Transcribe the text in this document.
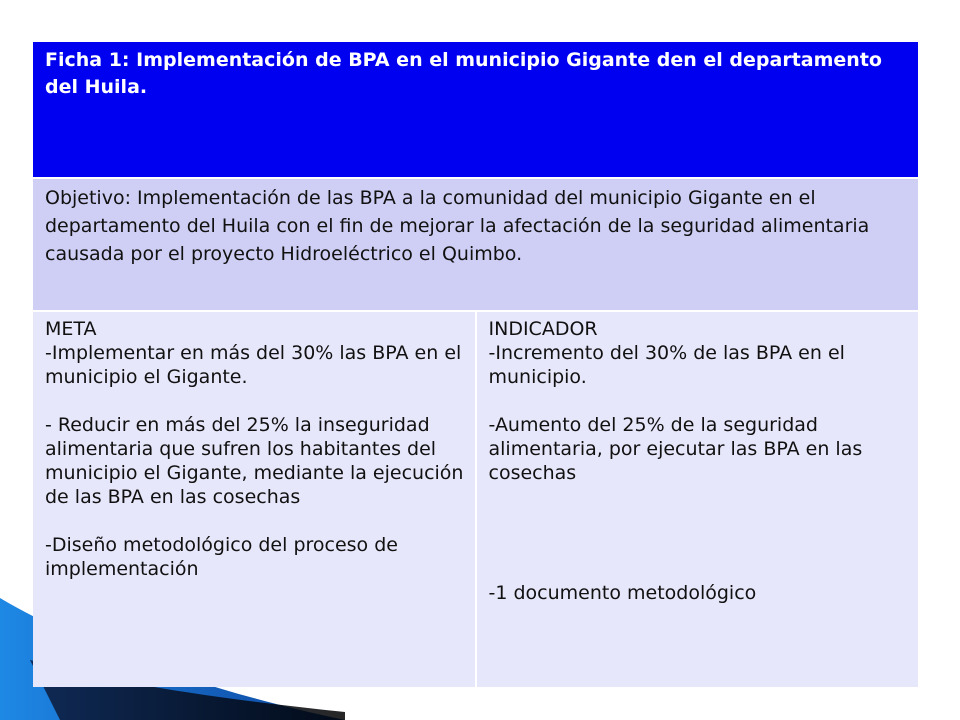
Ficha 1: Implementación de BPA en el municipio Gigante den el departamento del Huila.
Objetivo: Implementación de las BPA a la comunidad del municipio Gigante en el departamento del Huila con el fin de mejorar la afectación de la seguridad alimentaria causada por el proyecto Hidroeléctrico el Quimbo.

META
-Implementar en más del 30% las BPA en el municipio el Gigante.
- Reducir en más del 25% la inseguridad alimentaria que sufren los habitantes del municipio el Gigante, mediante la ejecución de las BPA en las cosechas
-Diseño metodológico del proceso de implementación

INDICADOR
-Incremento del 30% de las BPA en el municipio.
-Aumento del 25% de la seguridad alimentaria, por ejecutar las BPA en las cosechas
-1 documento metodológico
